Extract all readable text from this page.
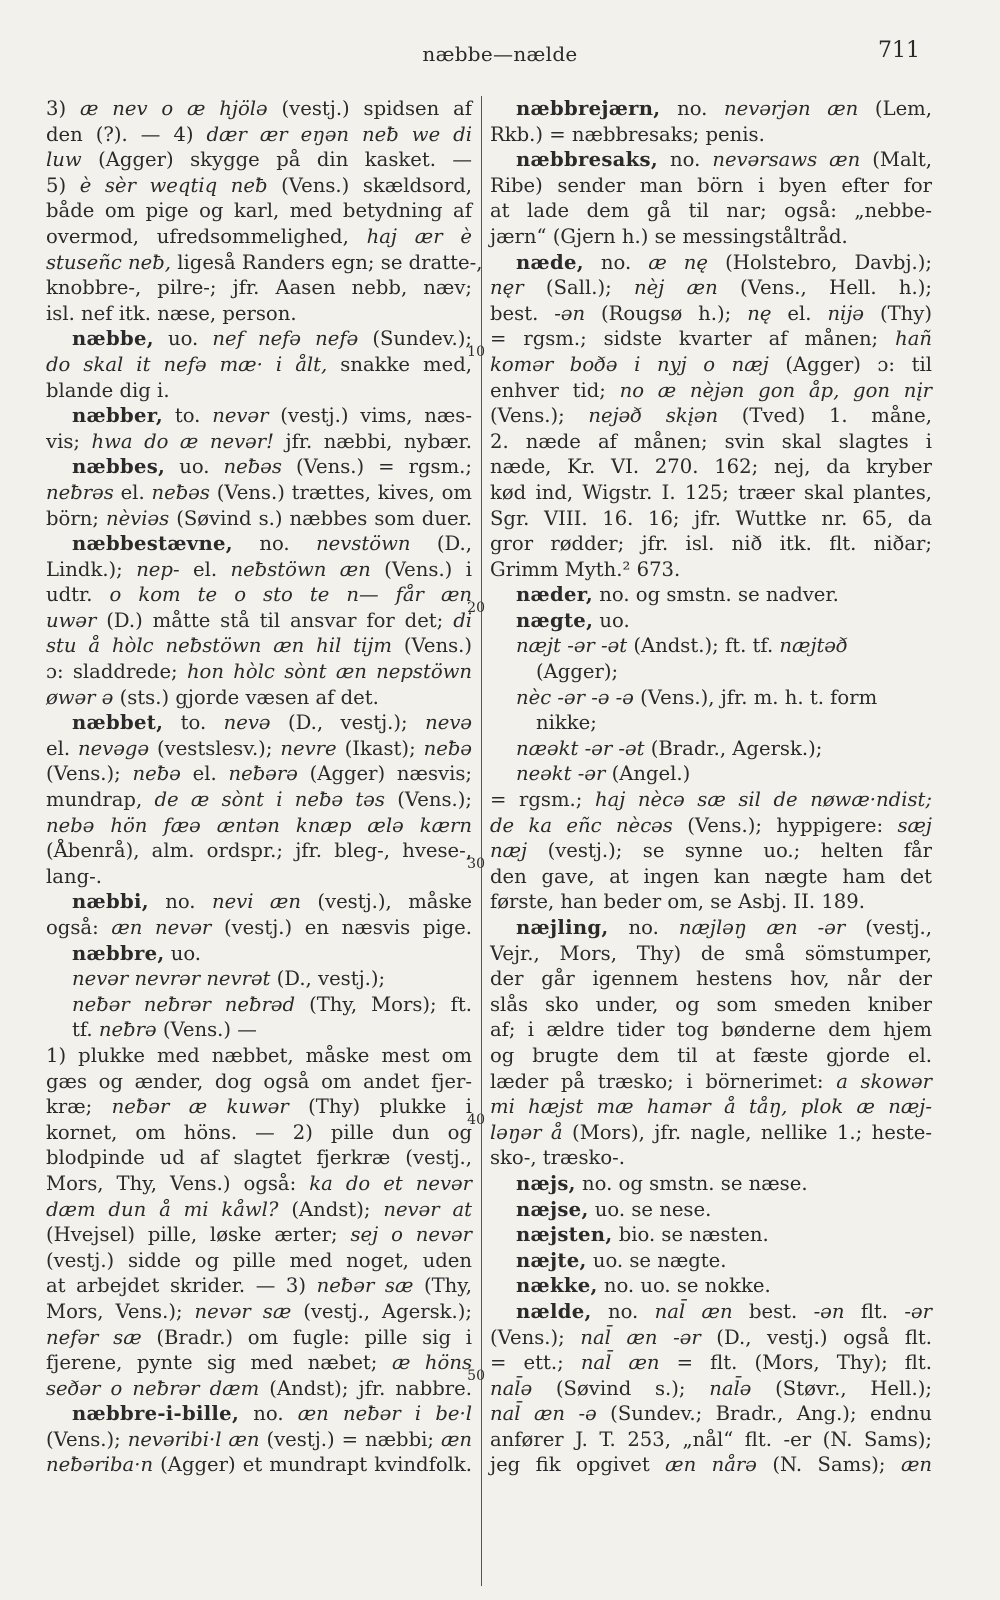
næbbe—nælde	711
3) æ nev o æ hjölə (vestj.) spidsen af
den (?). — 4) dær ær eŋən neƀ we di
luw (Agger) skygge på din kasket. —
5) è sèr weqtiq neƀ (Vens.) skældsord,
både om pige og karl, med betydning af
overmod, ufredsommelighed, haj ær è
stuseñc neƀ, ligeså Randers egn; se dratte-,
knobbre-, pilre-; jfr. Aasen nebb, næv;
isl. nef itk. næse, person.
næbbe, uo. nef nefə nefə (Sundev.);
do skal it nefə mæ· i ålt, snakke med,
blande dig i.
næbber, to. nevər (vestj.) vims, næs-
vis; hwa do æ nevər! jfr. næbbi, nybær.
næbbes, uo. neƀəs (Vens.) = rgsm.;
neƀrəs el. neƀəs (Vens.) trættes, kives, om
börn; nèviəs (Søvind s.) næbbes som duer.
næbbestævne, no. nevstöwn (D.,
Lindk.); nep- el. neƀstöwn æn (Vens.) i
udtr. o kom te o sto te n— får æn
uwər (D.) måtte stå til ansvar for det; di
stu å hòlc neƀstöwn æn hil tijm (Vens.)
ɔ: sladdrede; hon hòlc sònt æn nepstöwn
øwər ə (sts.) gjorde væsen af det.
næbbet, to. nevə (D., vestj.); nevə
el. nevəgə (vestslesv.); nevre (Ikast); neƀə
(Vens.); neƀə el. neƀərə (Agger) næsvis;
mundrap, de æ sònt i neƀə təs (Vens.);
nebə hön fæə æntən knæp ælə kærn
(Åbenrå), alm. ordspr.; jfr. bleg-, hvese-,
lang-.
næbbi, no. nevi æn (vestj.), måske
også: æn nevər (vestj.) en næsvis pige.
næbbre, uo.
nevər nevrər nevrət (D., vestj.);
neƀər neƀrər neƀrəd (Thy, Mors); ft.
tf. neƀrə (Vens.) —
1) plukke med næbbet, måske mest om
gæs og ænder, dog også om andet fjer-
kræ; neƀər æ kuwər (Thy) plukke i
kornet, om höns. — 2) pille dun og
blodpinde ud af slagtet fjerkræ (vestj.,
Mors, Thy, Vens.) også: ka do et nevər
dæm dun å mi kåwl? (Andst); nevər at
(Hvejsel) pille, løske ærter; sej o nevər
(vestj.) sidde og pille med noget, uden
at arbejdet skrider. — 3) neƀər sæ (Thy,
Mors, Vens.); nevər sæ (vestj., Agersk.);
nefər sæ (Bradr.) om fugle: pille sig i
fjerene, pynte sig med næbet; æ höns
seðər o neƀrər dæm (Andst); jfr. nabbre.
næbbre-i-bille, no. æn neƀər i be·l
(Vens.); nevəribi·l æn (vestj.) = næbbi; æn
neƀəriba·n (Agger) et mundrapt kvindfolk.
næbbrejærn, no. nevərjən æn (Lem,
Rkb.) = næbbresaks; penis.
næbbresaks, no. nevərsaws æn (Malt,
Ribe) sender man börn i byen efter for
at lade dem gå til nar; også: „nebbe-
jærn“ (Gjern h.) se messingståltråd.
næde, no. æ nę (Holstebro, Davbj.);
nęr (Sall.); nèj æn (Vens., Hell. h.);
best. -ən (Rougsø h.); nę el. nijə (Thy)
= rgsm.; sidste kvarter af månen; hañ
komər boðə i nyj o næj (Agger) ɔ: til
enhver tid; no æ nèjən gon åp, gon nįr
(Vens.); nejəð skįən (Tved) 1. måne,
2. næde af månen; svin skal slagtes i
næde, Kr. VI. 270. 162; nej, da kryber
kød ind, Wigstr. I. 125; træer skal plantes,
Sgr. VIII. 16. 16; jfr. Wuttke nr. 65, da
gror rødder; jfr. isl. nið itk. flt. niðar;
Grimm Myth.² 673.
næder, no. og smstn. se nadver.
nægte, uo.
næjt -ər -ət (Andst.); ft. tf. næjtəð
(Agger);
nèc -ər -ə -ə (Vens.), jfr. m. h. t. form
nikke;
næəkt -ər -ət (Bradr., Agersk.);
neəkt -ər (Angel.)
= rgsm.; haj nècə sæ sil de nøwæ·ndist;
de ka eñc nècəs (Vens.); hyppigere: sæj
næj (vestj.); se synne uo.; helten får
den gave, at ingen kan nægte ham det
første, han beder om, se Asbj. II. 189.
næjling, no. næjləŋ æn -ər (vestj.,
Vejr., Mors, Thy) de små sömstumper,
der går igennem hestens hov, når der
slås sko under, og som smeden kniber
af; i ældre tider tog bønderne dem hjem
og brugte dem til at fæste gjorde el.
læder på træsko; i börnerimet: a skowər
mi hæjst mæ hamər å tåŋ, plok æ næj-
ləŋər å (Mors), jfr. nagle, nellike 1.; heste-
sko-, træsko-.
næjs, no. og smstn. se næse.
næjse, uo. se nese.
næjsten, bio. se næsten.
næjte, uo. se nægte.
nække, no. uo. se nokke.
nælde, no. nal̄ æn best. -ən flt. -ər
(Vens.); nal̄ æn -ər (D., vestj.) også flt.
= ett.; nal̄ æn = flt. (Mors, Thy); flt.
nal̄ə (Søvind s.); nal̄ə (Støvr., Hell.);
nal̄ æn -ə (Sundev.; Bradr., Ang.); endnu
anfører J. T. 253, „nål“ flt. -er (N. Sams);
jeg fik opgivet æn nårə (N. Sams); æn
10
20
30
40
50
